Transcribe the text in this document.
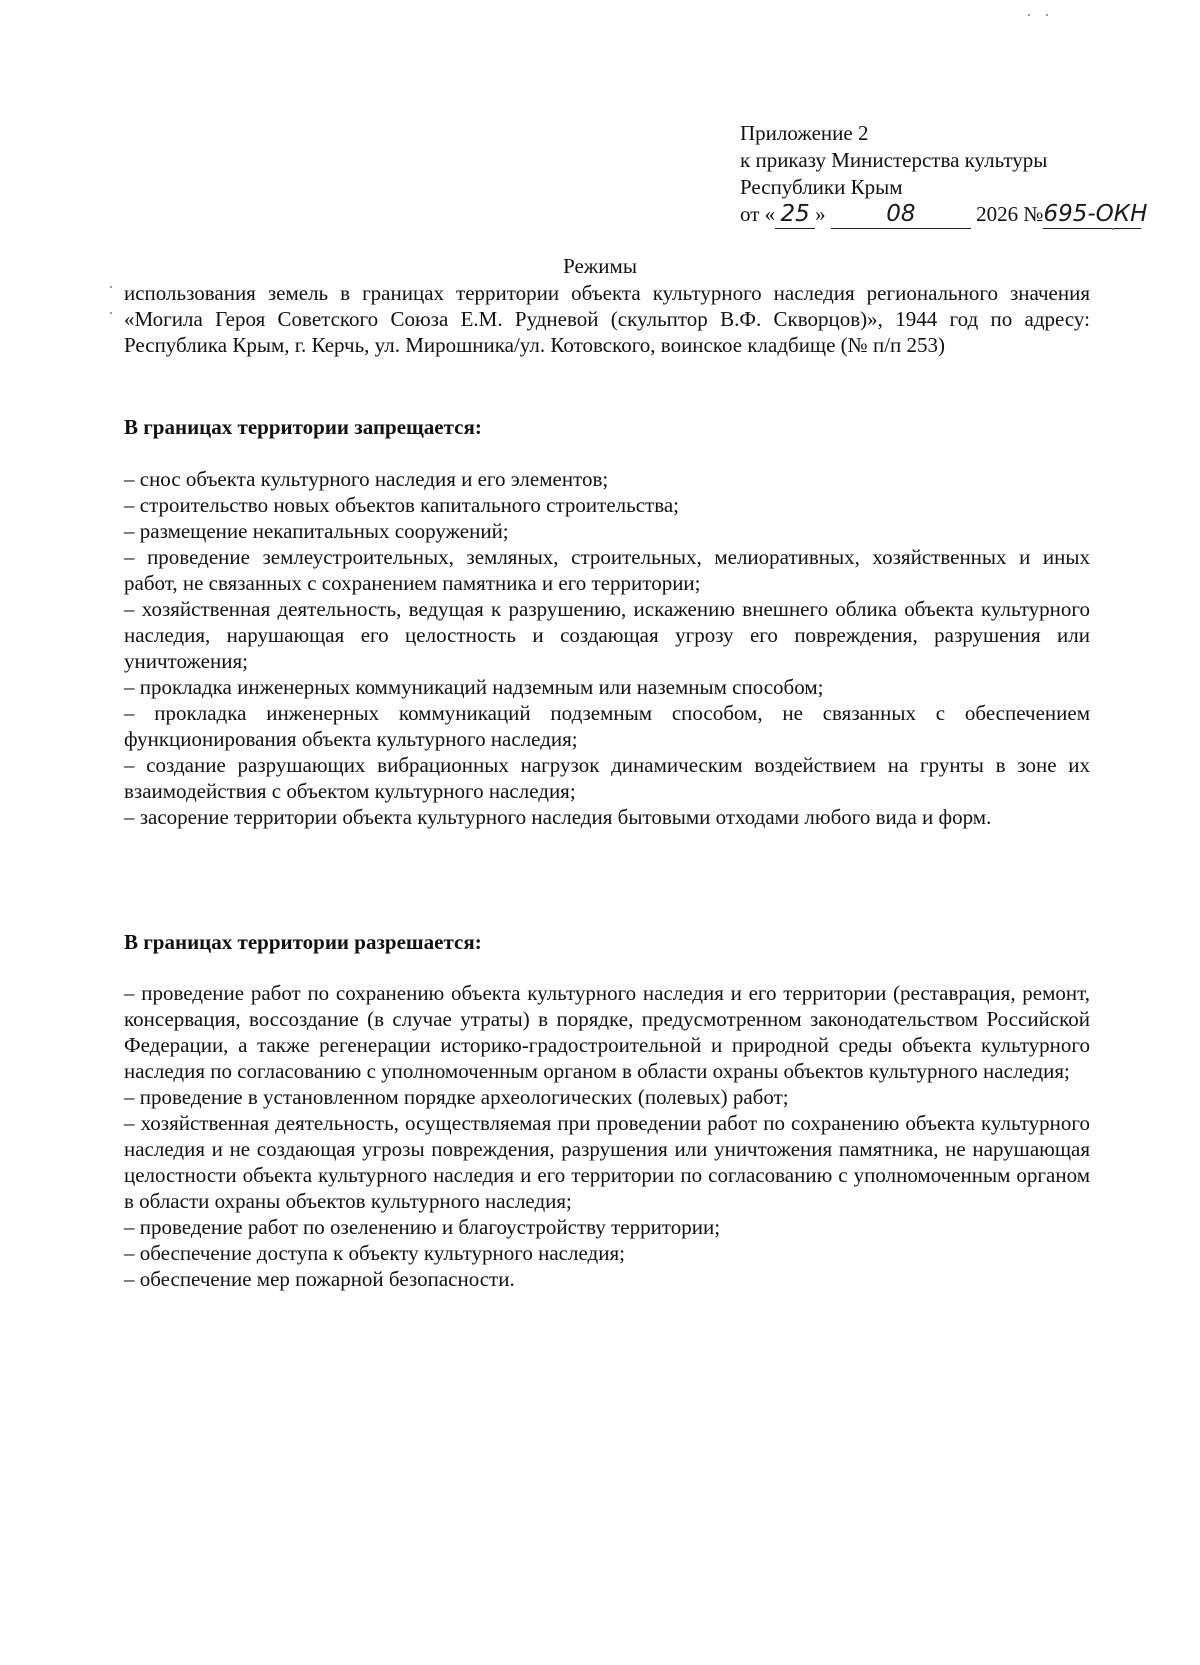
Приложение 2
к приказу Министерства культуры
Республики Крым
от « 25 »	08	2026 №695-ОКН
Режимы
использования земель в границах территории объекта культурного наследия регионального значения «Могила Героя Советского Союза Е.М. Рудневой (скульптор В.Ф. Скворцов)», 1944 год по адресу: Республика Крым, г. Керчь, ул. Мирошника/ул. Котовского, воинское кладбище (№ п/п 253)
В границах территории запрещается:

– снос объекта культурного наследия и его элементов;

– строительство новых объектов капитального строительства;

– размещение некапитальных сооружений;

– проведение землеустроительных, земляных, строительных, мелиоративных, хозяйственных и иных работ, не связанных с сохранением памятника и его территории;

– хозяйственная деятельность, ведущая к разрушению, искажению внешнего облика объекта культурного наследия, нарушающая его целостность и создающая угрозу его повреждения, разрушения или уничтожения;

– прокладка инженерных коммуникаций надземным или наземным способом;

– прокладка инженерных коммуникаций подземным способом, не связанных с обеспечением функционирования объекта культурного наследия;

– создание разрушающих вибрационных нагрузок динамическим воздействием на грунты в зоне их взаимодействия с объектом культурного наследия;

– засорение территории объекта культурного наследия бытовыми отходами любого вида и форм.

В границах территории разрешается:

– проведение работ по сохранению объекта культурного наследия и его территории (реставрация, ремонт, консервация, воссоздание (в случае утраты) в порядке, предусмотренном законодательством Российской Федерации, а также регенерации историко-градостроительной и природной среды объекта культурного наследия по согласованию с уполномоченным органом в области охраны объектов культурного наследия;

– проведение в установленном порядке археологических (полевых) работ;

– хозяйственная деятельность, осуществляемая при проведении работ по сохранению объекта культурного наследия и не создающая угрозы повреждения, разрушения или уничтожения памятника, не нарушающая целостности объекта культурного наследия и его территории по согласованию с уполномоченным органом в области охраны объектов культурного наследия;

– проведение работ по озеленению и благоустройству территории;

– обеспечение доступа к объекту культурного наследия;

– обеспечение мер пожарной безопасности.
